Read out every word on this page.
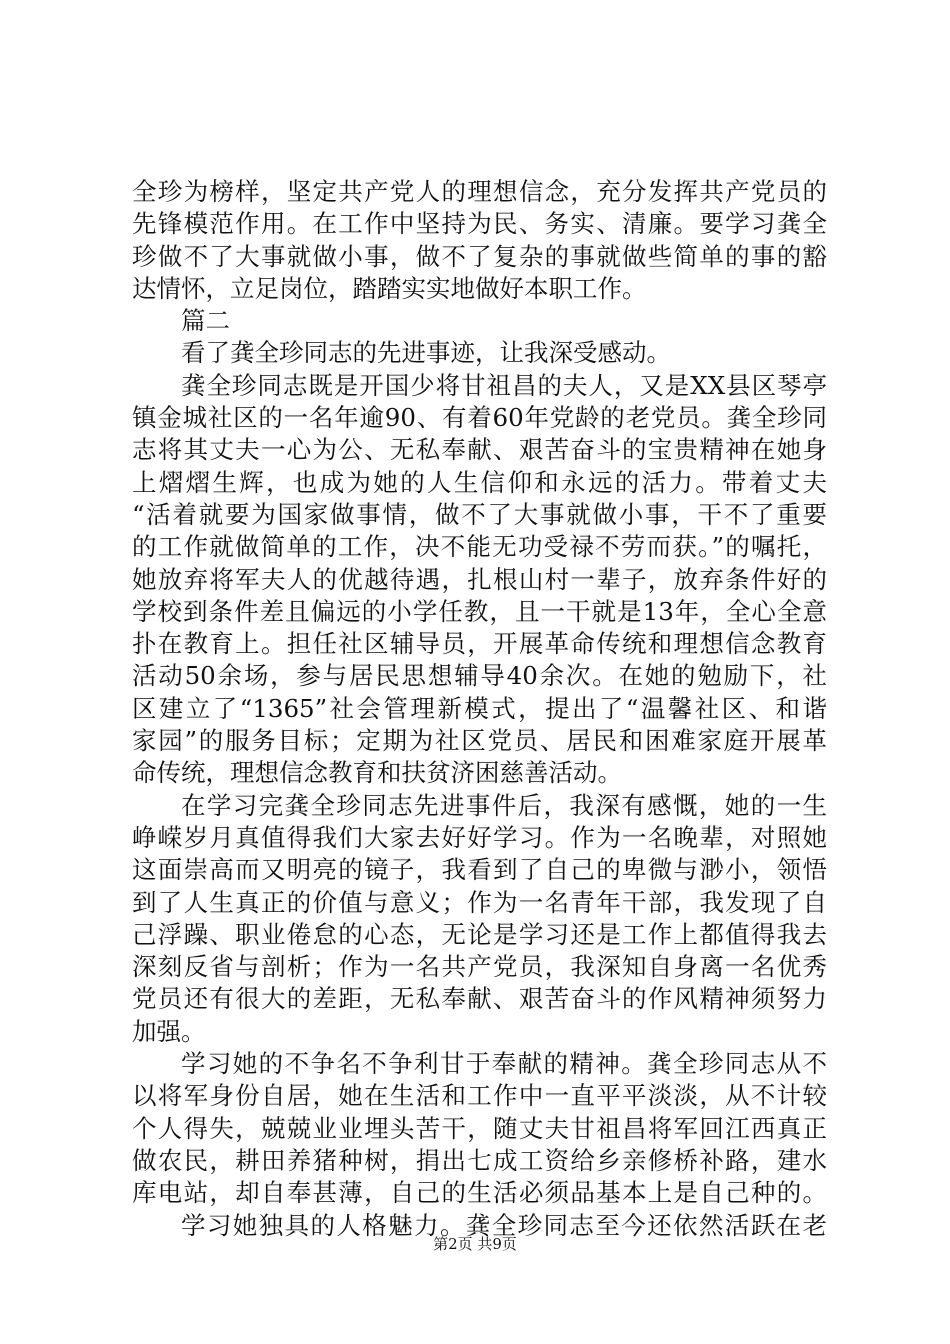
全珍为榜样，坚定共产党人的理想信念，充分发挥共产党员的
先锋模范作用。在工作中坚持为民、务实、清廉。要学习龚全
珍做不了大事就做小事，做不了复杂的事就做些简单的事的豁
达情怀，立足岗位，踏踏实实地做好本职工作。
篇二
看了龚全珍同志的先进事迹，让我深受感动。
龚全珍同志既是开国少将甘祖昌的夫人，又是XX县区琴亭
镇金城社区的一名年逾90、有着60年党龄的老党员。龚全珍同
志将其丈夫一心为公、无私奉献、艰苦奋斗的宝贵精神在她身
上熠熠生辉，也成为她的人生信仰和永远的活力。带着丈夫
“活着就要为国家做事情，做不了大事就做小事，干不了重要
的工作就做简单的工作，决不能无功受禄不劳而获。”的嘱托，
她放弃将军夫人的优越待遇，扎根山村一辈子，放弃条件好的
学校到条件差且偏远的小学任教，且一干就是13年，全心全意
扑在教育上。担任社区辅导员，开展革命传统和理想信念教育
活动50余场，参与居民思想辅导40余次。在她的勉励下，社
区建立了“1365”社会管理新模式，提出了“温馨社区、和谐
家园”的服务目标；定期为社区党员、居民和困难家庭开展革
命传统，理想信念教育和扶贫济困慈善活动。
在学习完龚全珍同志先进事件后，我深有感慨，她的一生
峥嵘岁月真值得我们大家去好好学习。作为一名晚辈，对照她
这面崇高而又明亮的镜子，我看到了自己的卑微与渺小，领悟
到了人生真正的价值与意义；作为一名青年干部，我发现了自
己浮躁、职业倦怠的心态，无论是学习还是工作上都值得我去
深刻反省与剖析；作为一名共产党员，我深知自身离一名优秀
党员还有很大的差距，无私奉献、艰苦奋斗的作风精神须努力
加强。
学习她的不争名不争利甘于奉献的精神。龚全珍同志从不
以将军身份自居，她在生活和工作中一直平平淡淡，从不计较
个人得失，兢兢业业埋头苦干，随丈夫甘祖昌将军回江西真正
做农民，耕田养猪种树，捐出七成工资给乡亲修桥补路，建水
库电站，却自奉甚薄，自己的生活必须品基本上是自己种的。
学习她独具的人格魅力。龚全珍同志至今还依然活跃在老
第2页 共9页
